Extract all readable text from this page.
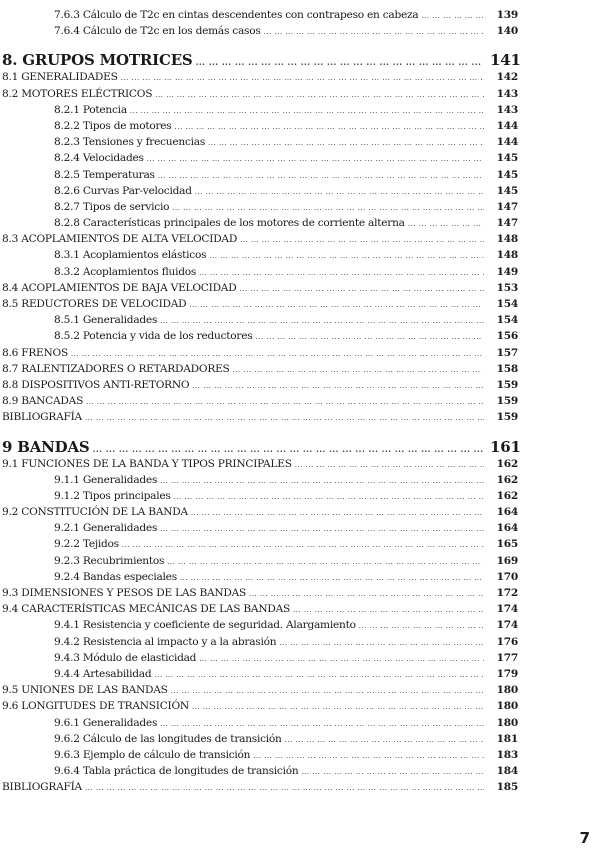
7.6.3 Cálculo de T2c en cintas descendentes con contrapeso en cabeza ... .	139
7.6.4 Cálculo de T2c en los demás casos ... .	140
8. GRUPOS MOTRICES ... .	141
8.1 GENERALIDADES ... .	142
8.2 MOTORES ELÉCTRICOS ... .	143
8.2.1 Potencia ... .	143
8.2.2 Tipos de motores ... .	144
8.2.3 Tensiones y frecuencias ... .	144
8.2.4 Velocidades ... .	145
8.2.5 Temperaturas ... .	145
8.2.6 Curvas Par-velocidad ... .	145
8.2.7 Tipos de servicio ... .	147
8.2.8 Características principales de los motores de corriente alterna ... .	147
8.3 ACOPLAMIENTOS DE ALTA VELOCIDAD ... .	148
8.3.1 Acoplamientos elásticos ... .	148
8.3.2 Acoplamientos fluidos ... .	149
8.4 ACOPLAMIENTOS DE BAJA VELOCIDAD ... .	153
8.5 REDUCTORES DE VELOCIDAD ... .	154
8.5.1 Generalidades ... .	154
8.5.2 Potencia y vida de los reductores ... .	156
8.6 FRENOS ... .	157
8.7 RALENTIZADORES O RETARDADORES ... .	158
8.8 DISPOSITIVOS ANTI-RETORNO ... .	159
8.9 BANCADAS ... .	159
BIBLIOGRAFÍA ... .	159
9 BANDAS ... .	161
9.1 FUNCIONES DE LA BANDA Y TIPOS PRINCIPALES ... .	162
9.1.1 Generalidades ... .	162
9.1.2 Tipos principales ... .	162
9.2 CONSTITUCIÓN DE LA BANDA ... .	164
9.2.1 Generalidades ... .	164
9.2.2 Tejidos ... .	165
9.2.3 Recubrimientos ... .	169
9.2.4 Bandas especiales ... .	170
9.3 DIMENSIONES Y PESOS DE LAS BANDAS ... .	172
9.4 CARACTERÍSTICAS MECÁNICAS DE LAS BANDAS ... .	174
9.4.1 Resistencia y coeficiente de seguridad. Alargamiento ... .	174
9.4.2 Resistencia al impacto y a la abrasión ... .	176
9.4.3 Módulo de elasticidad ... .	177
9.4.4 Artesabilidad ... .	179
9.5 UNIONES DE LAS BANDAS ... .	180
9.6 LONGITUDES DE TRANSICIÓN ... .	180
9.6.1 Generalidades ... .	180
9.6.2 Cálculo de las longitudes de transición ... .	181
9.6.3 Ejemplo de cálculo de transición ... .	183
9.6.4 Tabla práctica de longitudes de transición ... .	184
BIBLIOGRAFÍA ... .	185
7
